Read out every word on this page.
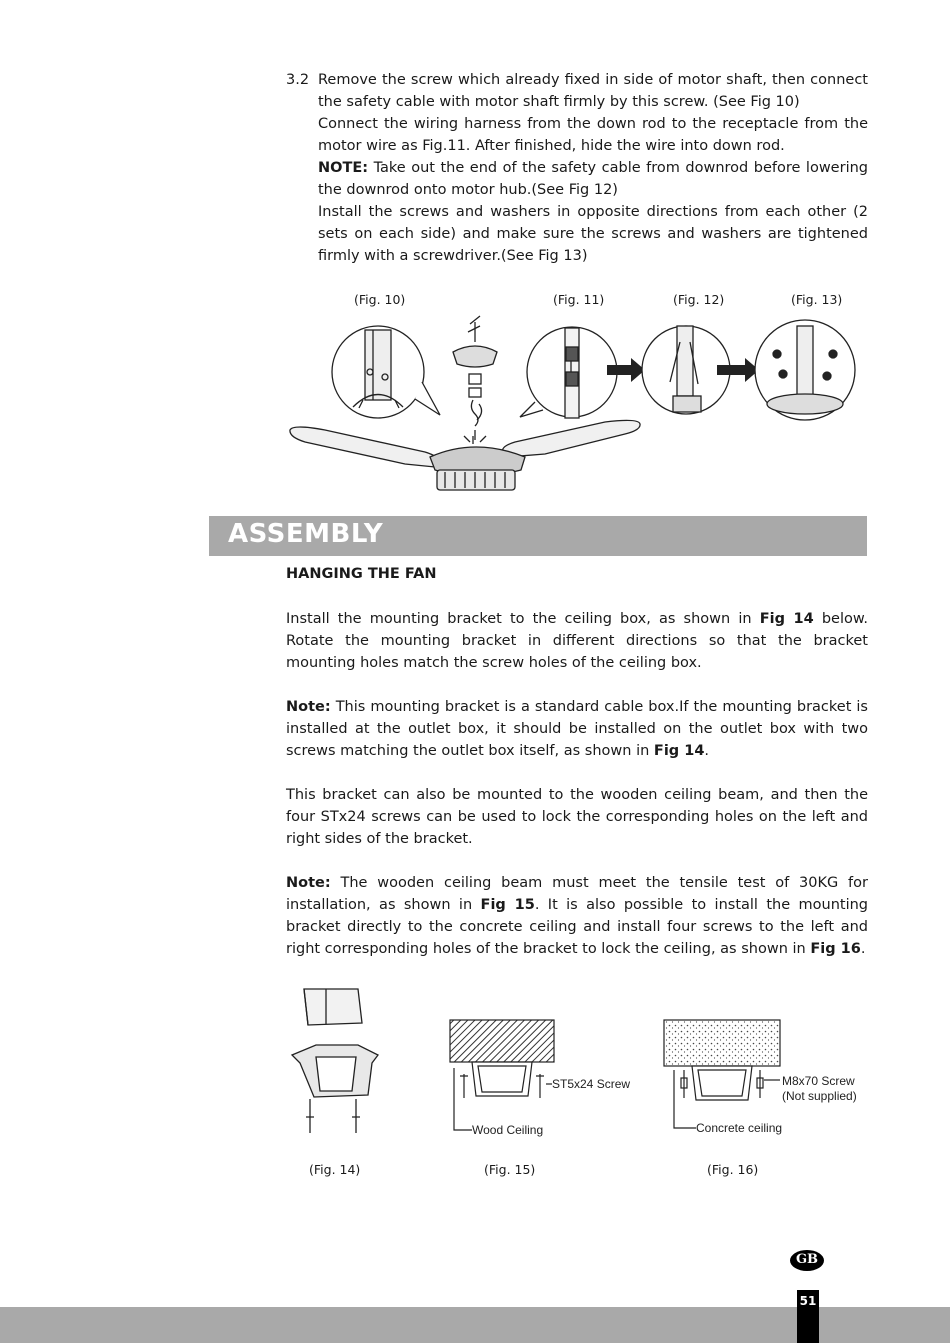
3.2 Remove the screw which already fixed in side of motor shaft, then connect the safety cable with motor shaft firmly by this screw. (See Fig 10)

Connect the wiring harness from the down rod to the receptacle from the motor wire as Fig.11. After finished, hide the wire into down rod.

NOTE: Take out the end of the safety cable from downrod before lowering the downrod onto motor hub.(See Fig 12)

Install the screws and washers in opposite directions from each other (2 sets on each side) and make sure the screws and washers are tightened firmly with a screwdriver.(See Fig 13)

(Fig. 10)	(Fig. 11)	(Fig. 12)	(Fig. 13)
ASSEMBLY
HANGING THE FAN

Install the mounting bracket to the ceiling box, as shown in Fig 14 below. Rotate the mounting bracket in different directions so that the bracket mounting holes match the screw holes of the ceiling box.

Note: This mounting bracket is a standard cable box.If the mounting bracket is installed at the outlet box, it should be installed on the outlet box with two screws matching the outlet box itself, as shown in Fig 14.

This bracket can also be mounted to the wooden ceiling beam, and then the four STx24 screws can be used to lock the corresponding holes on the left and right sides of the bracket.

Note: The wooden ceiling beam must meet the tensile test of 30KG for installation, as shown in Fig 15. It is also possible to install the mounting bracket directly to the concrete ceiling and install four screws to the left and right corresponding holes of the bracket to lock the ceiling, as shown in Fig 16.

ST5x24 Screw
Wood Ceiling
M8x70 Screw
(Not supplied)
Concrete ceiling
(Fig. 14)	(Fig. 15)	(Fig. 16)
GB
51
